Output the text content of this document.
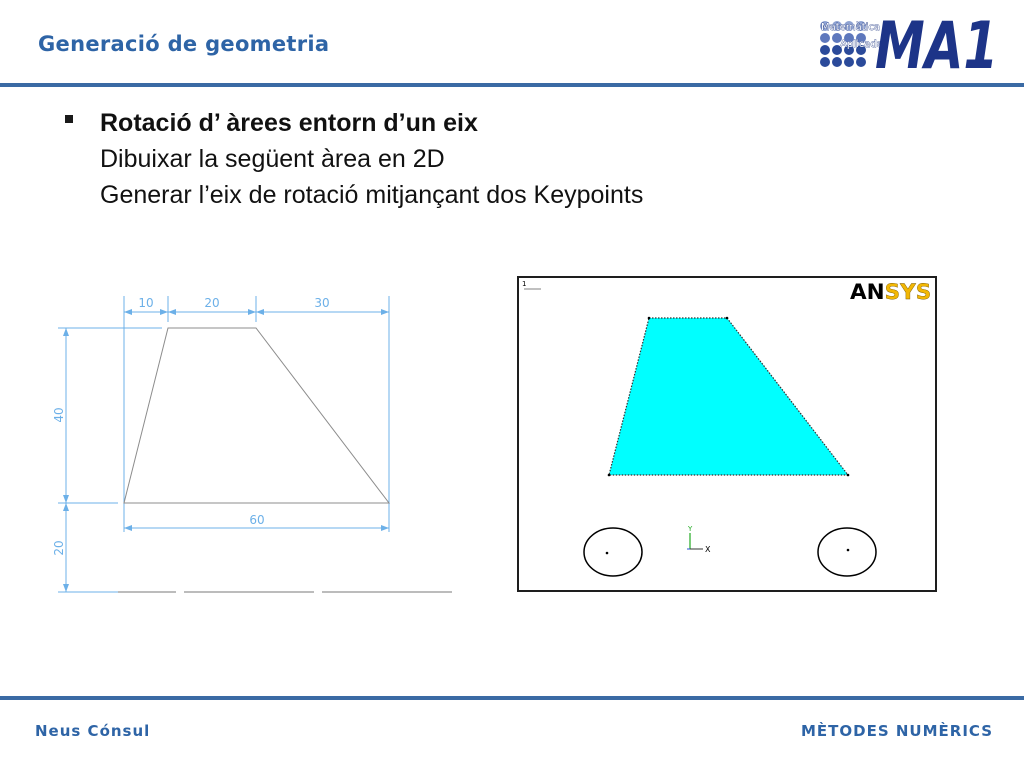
Generació de geometria
Matemàtica
Aplicada
MA1
Rotació d’ àrees entorn d’un eix
Dibuixar la següent àrea en 2D
Generar l’eix de rotació mitjançant dos Keypoints
10	20	30
60
40
20
1	ANSYS
Y
X
Neus Cónsul	MÈTODES NUMÈRICS
